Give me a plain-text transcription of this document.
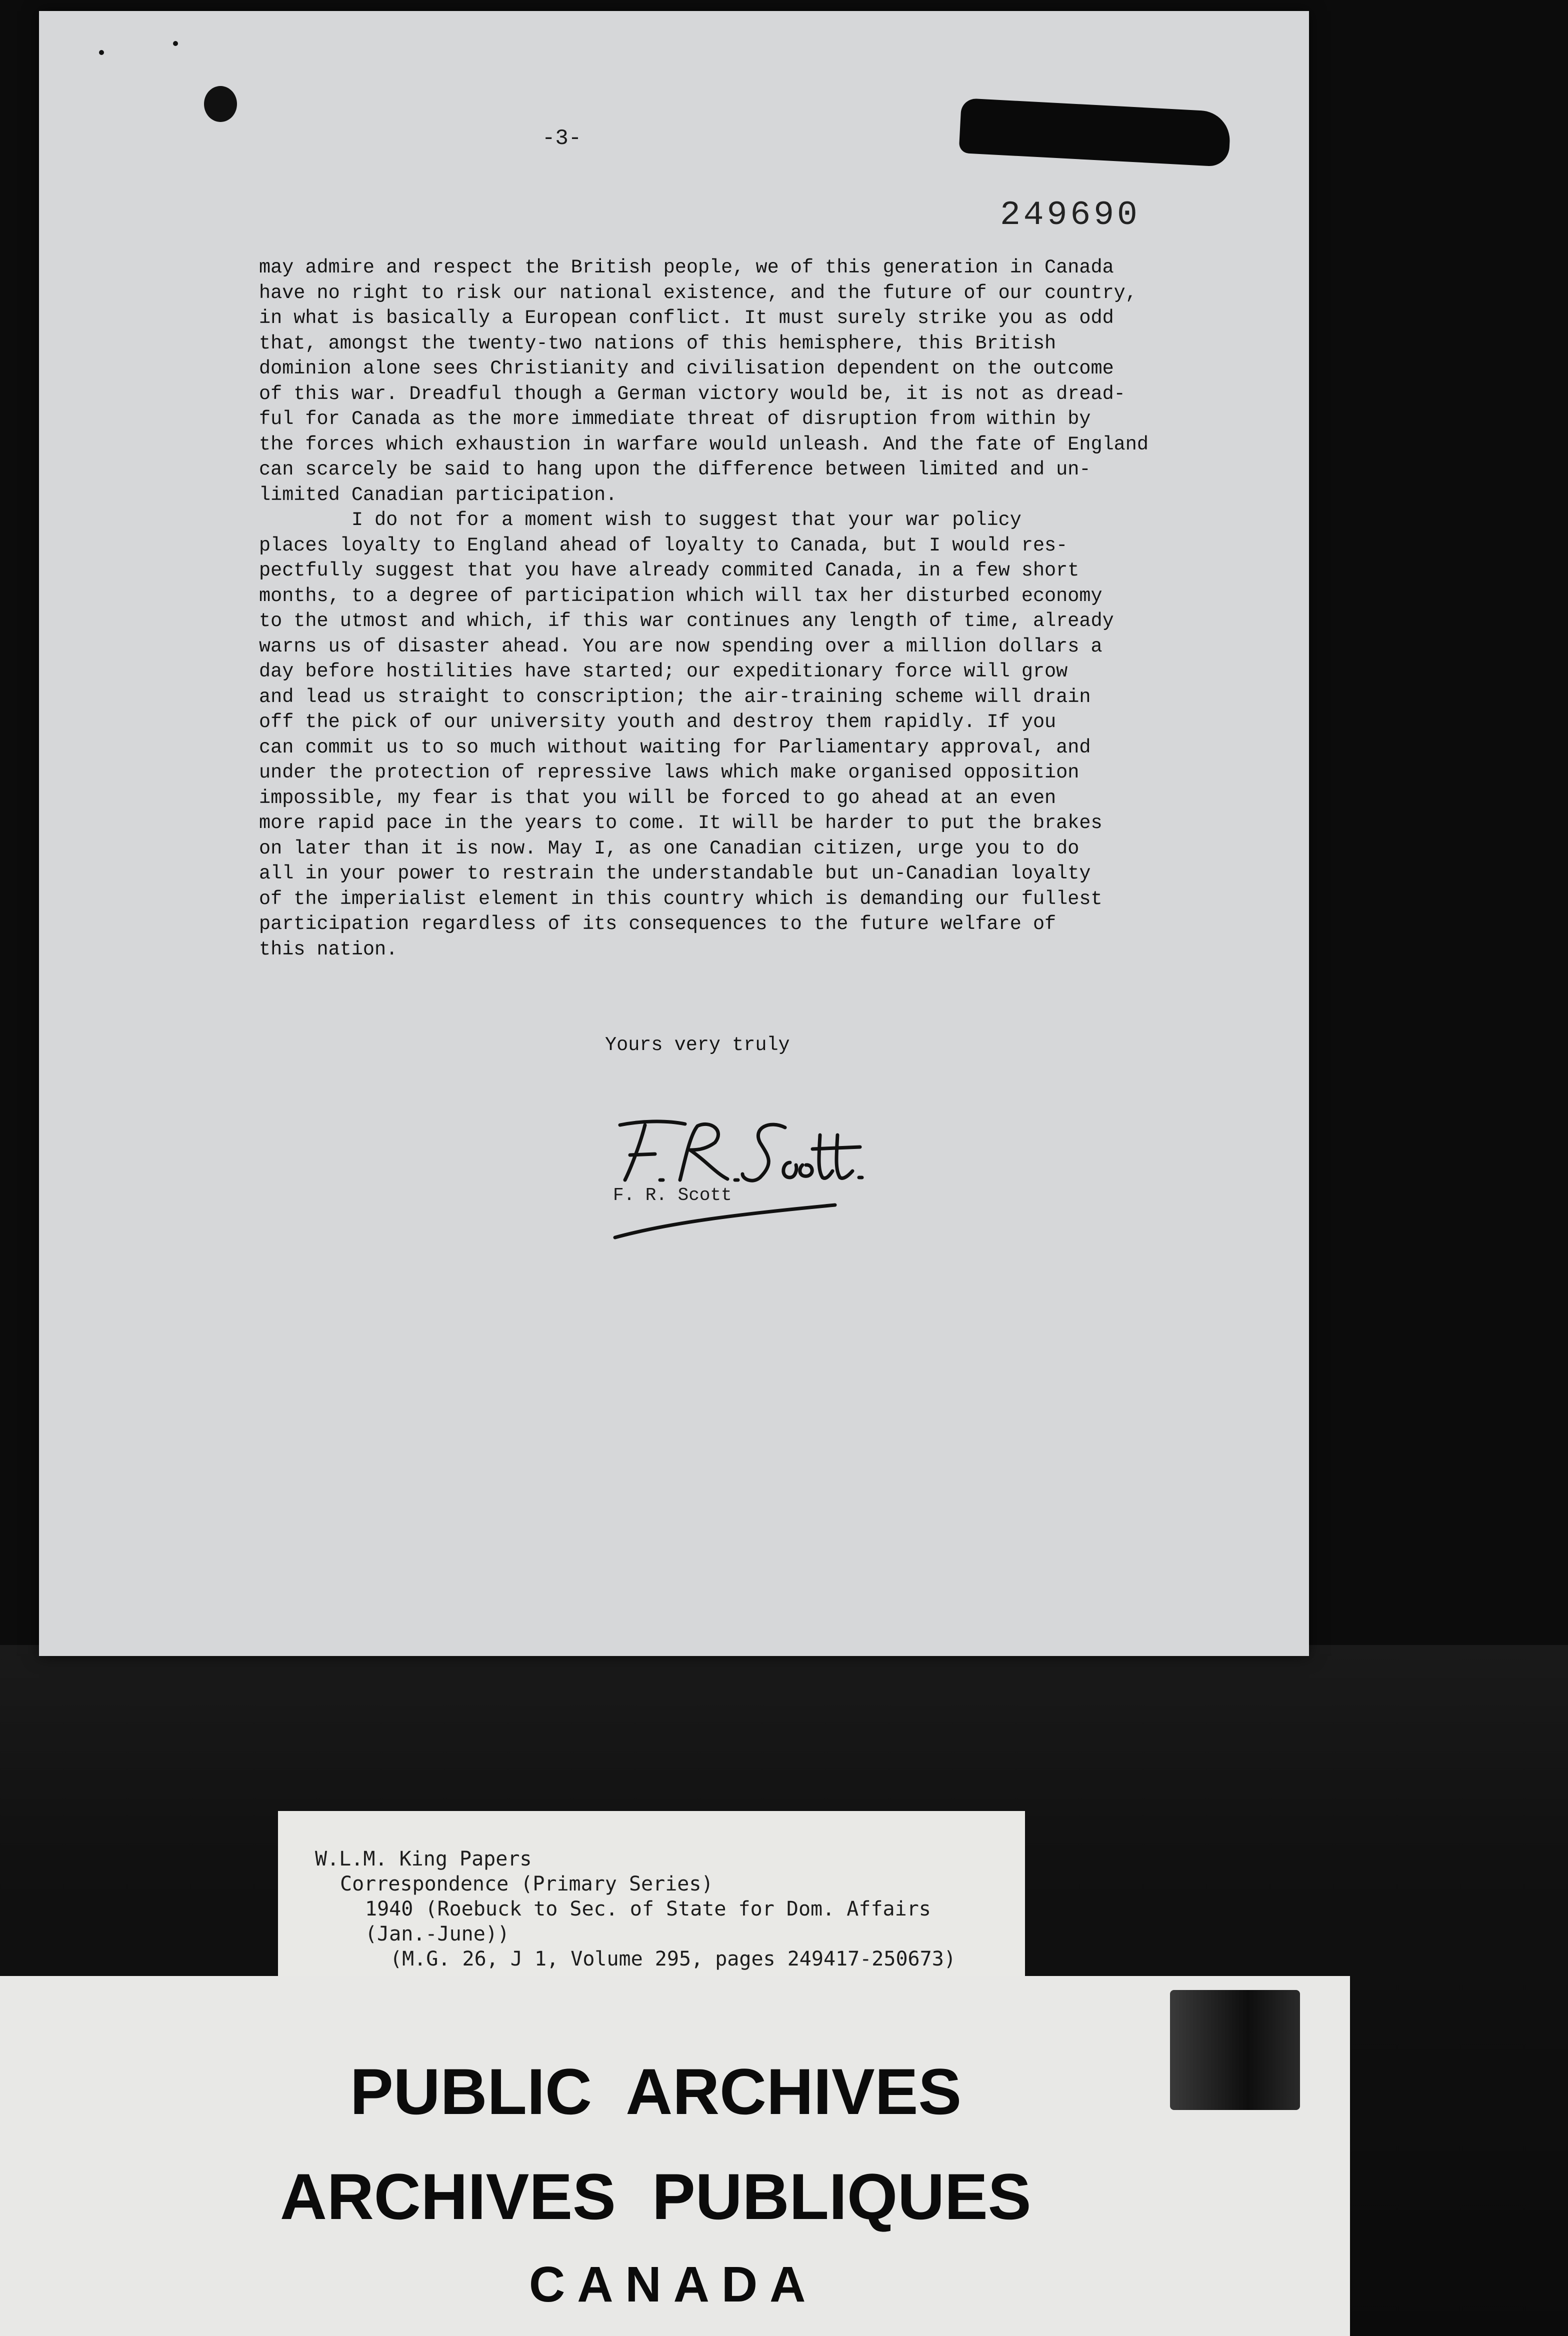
-3-
249690
may admire and respect the British people, we of this generation in Canada
have no right to risk our national existence, and the future of our country,
in what is basically a European conflict. It must surely strike you as odd
that, amongst the twenty-two nations of this hemisphere, this British
dominion alone sees Christianity and civilisation dependent on the outcome
of this war. Dreadful though a German victory would be, it is not as dread-
ful for Canada as the more immediate threat of disruption from within by
the forces which exhaustion in warfare would unleash. And the fate of England
can scarcely be said to hang upon the difference between limited and un-
limited Canadian participation.
I do not for a moment wish to suggest that your war policy
places loyalty to England ahead of loyalty to Canada, but I would res-
pectfully suggest that you have already commited Canada, in a few short
months, to a degree of participation which will tax her disturbed economy
to the utmost and which, if this war continues any length of time, already
warns us of disaster ahead. You are now spending over a million dollars a
day before hostilities have started; our expeditionary force will grow
and lead us straight to conscription; the air-training scheme will drain
off the pick of our university youth and destroy them rapidly. If you
can commit us to so much without waiting for Parliamentary approval, and
under the protection of repressive laws which make organised opposition
impossible, my fear is that you will be forced to go ahead at an even
more rapid pace in the years to come. It will be harder to put the brakes
on later than it is now. May I, as one Canadian citizen, urge you to do
all in your power to restrain the understandable but un-Canadian loyalty
of the imperialist element in this country which is demanding our fullest
participation regardless of its consequences to the future welfare of
this nation.
Yours very truly
F. R. Scott
W.L.M. King Papers
Correspondence (Primary Series)
1940 (Roebuck to Sec. of State for Dom. Affairs
(Jan.-June))
(M.G. 26, J 1, Volume 295, pages 249417-250673)
PUBLIC  ARCHIVES
ARCHIVES  PUBLIQUES
CANADA
